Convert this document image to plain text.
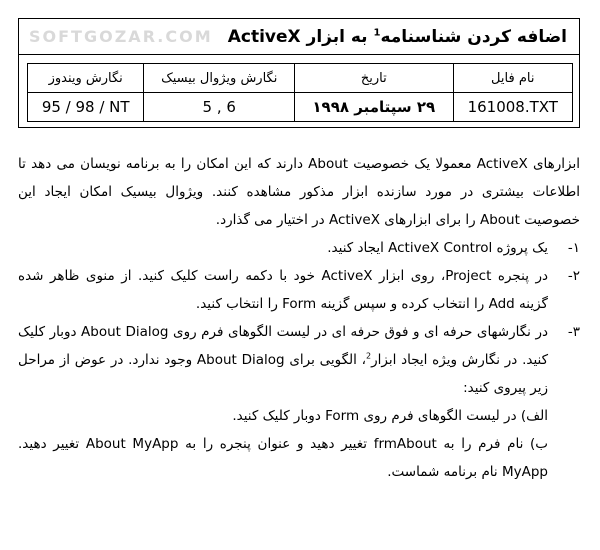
SOFTGOZAR.COM	اضافه کردن شناسنامه$^1$ به ابزار ActiveX
نام فایل	تاریخ	نگارش ویژوال بیسیک	نگارش ویندوز
161008.TXT	۲۹ سپتامبر ۱۹۹۸	5 , 6	95 / 98 / NT

ابزارهای ActiveX معمولا یک خصوصیت About دارند که این امکان را به برنامه نویسان می دهد تا اطلاعات بیشتری در مورد سازنده ابزار مذکور مشاهده کنند. ویژوال بیسیک امکان ایجاد این خصوصیت About را برای ابزارهای ActiveX در اختیار می گذارد.

۱-
یک پروژه ActiveX Control ایجاد کنید.
۲-
در پنجره Project، روی ابزار ActiveX خود با دکمه راست کلیک کنید. از منوی ظاهر شده گزینه Add را انتخاب کرده و سپس گزینه Form را انتخاب کنید.
۳-
در نگارشهای حرفه ای و فوق حرفه ای در لیست الگوهای فرم روی About Dialog دوبار کلیک کنید. در نگارش ویژه ایجاد ابزار$^2$، الگویی برای About Dialog وجود ندارد. در عوض از مراحل زیر پیروی کنید:

الف) در لیست الگوهای فرم روی Form دوبار کلیک کنید.

ب) نام فرم را به frmAbout تغییر دهید و عنوان پنجره را به About MyApp تغییر دهید. MyApp نام برنامه شماست.
